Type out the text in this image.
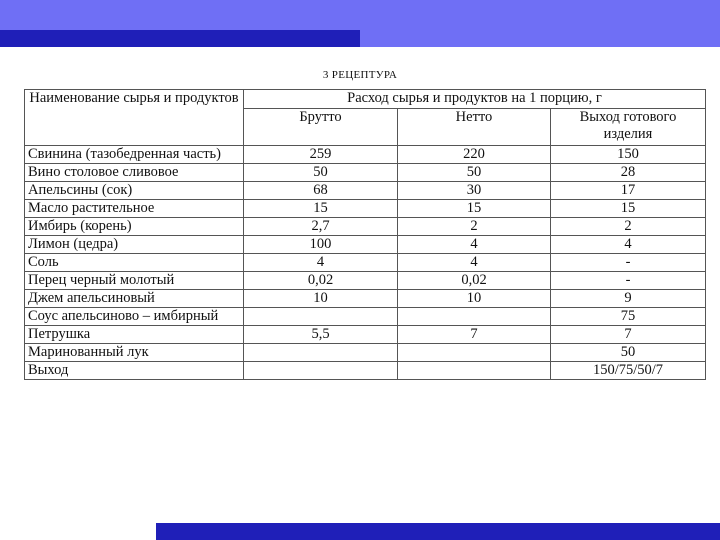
3 РЕЦЕПТУРА
Наименование сырья и продуктов	Расход сырья и продуктов на 1 порцию, г		
	Брутто	Нетто	Выход готового изделия
Свинина (тазобедренная часть)	259	220	150
Вино столовое сливовое	50	50	28
Апельсины (сок)	68	30	17
Масло растительное	15	15	15
Имбирь (корень)	2,7	2	2
Лимон (цедра)	100	4	4
Соль	4	4	-
Перец черный молотый	0,02	0,02	-
Джем апельсиновый	10	10	9
Соус апельсиново – имбирный			75
Петрушка	5,5	7	7
Маринованный лук			50
Выход			150/75/50/7
